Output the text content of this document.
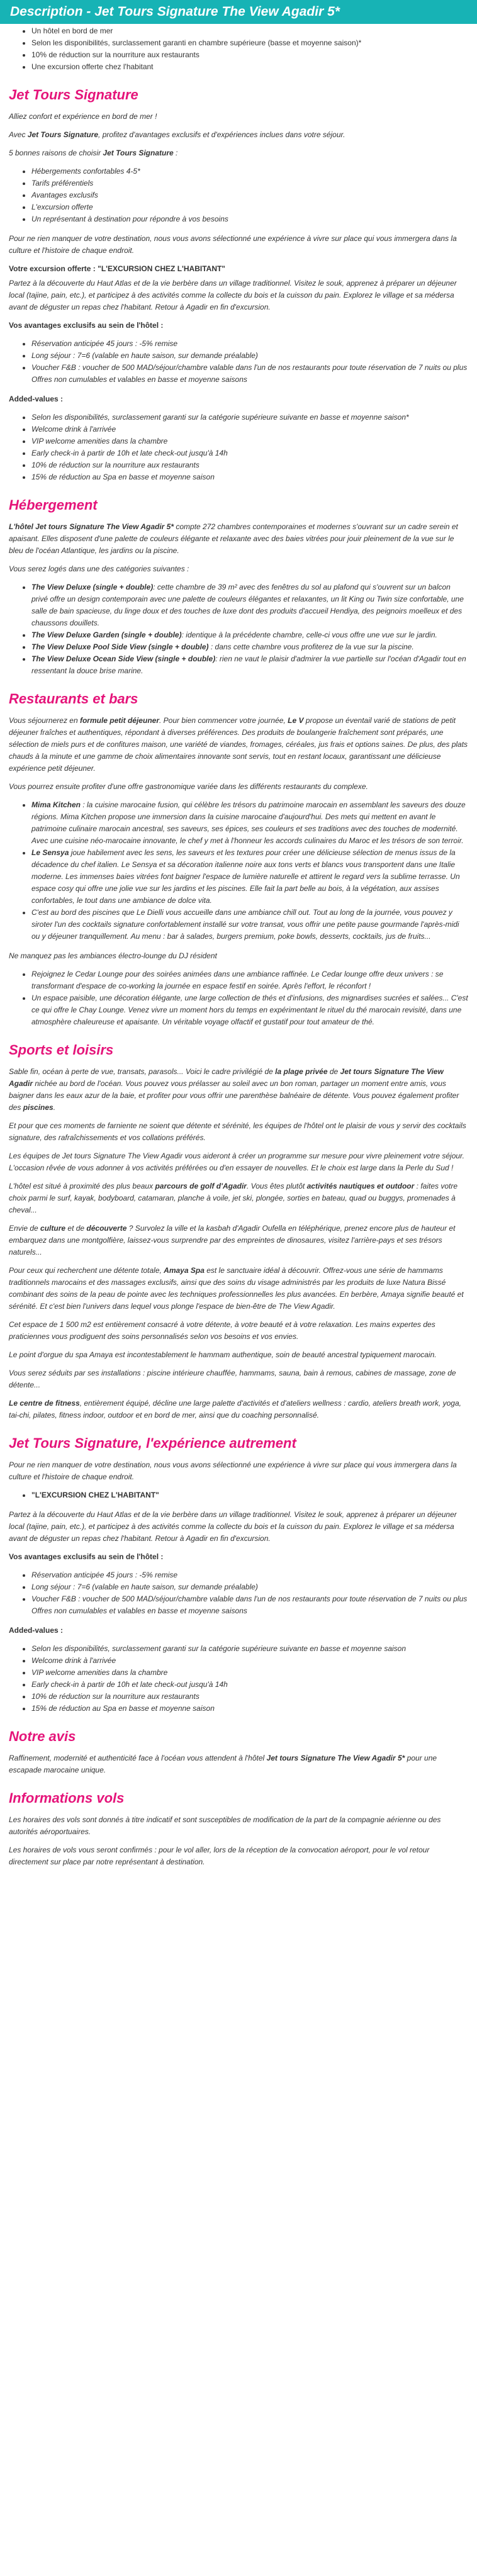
Description - Jet Tours Signature The View Agadir 5*
• Un hôtel en bord de mer
• Selon les disponibilités, surclassement garanti en chambre supérieure (basse et moyenne saison)*
• 10% de réduction sur la nourriture aux restaurants
• Une excursion offerte chez l'habitant
Jet Tours Signature

Alliez confort et expérience en bord de mer !

Avec Jet Tours Signature, profitez d'avantages exclusifs et d'expériences inclues dans votre séjour.

5 bonnes raisons de choisir Jet Tours Signature :

• Hébergements confortables 4-5*
• Tarifs préférentiels
• Avantages exclusifs
• L'excursion offerte
• Un représentant à destination pour répondre à vos besoins

Pour ne rien manquer de votre destination, nous vous avons sélectionné une expérience à vivre sur place qui vous immergera dans la culture et l'histoire de chaque endroit.

Votre excursion offerte : "L'EXCURSION CHEZ L'HABITANT"

Partez à la découverte du Haut Atlas et de la vie berbère dans un village traditionnel. Visitez le souk, apprenez à préparer un déjeuner local (tajine, pain, etc.), et participez à des activités comme la collecte du bois et la cuisson du pain. Explorez le village et sa médersa avant de déguster un repas chez l'habitant. Retour à Agadir en fin d'excursion.

Vos avantages exclusifs au sein de l'hôtel :

• Réservation anticipée 45 jours : -5% remise
• Long séjour : 7=6 (valable en haute saison, sur demande préalable)
• Voucher F&B : voucher de 500 MAD/séjour/chambre valable dans l'un de nos restaurants pour toute réservation de 7 nuits ou plus
Offres non cumulables et valables en basse et moyenne saisons

Added-values :

• Selon les disponibilités, surclassement garanti sur la catégorie supérieure suivante en basse et moyenne saison*
• Welcome drink à l'arrivée
• VIP welcome amenities dans la chambre
• Early check-in à partir de 10h et late check-out jusqu'à 14h
• 10% de réduction sur la nourriture aux restaurants
• 15% de réduction au Spa en basse et moyenne saison
Hébergement

L'hôtel Jet tours Signature The View Agadir 5* compte 272 chambres contemporaines et modernes s'ouvrant sur un cadre serein et apaisant. Elles disposent d'une palette de couleurs élégante et relaxante avec des baies vitrées pour jouir pleinement de la vue sur le bleu de l'océan Atlantique, les jardins ou la piscine.

Vous serez logés dans une des catégories suivantes :

• The View Deluxe (single + double): cette chambre de 39 m² avec des fenêtres du sol au plafond qui s'ouvrent sur un balcon privé offre un design contemporain avec une palette de couleurs élégantes et relaxantes, un lit King ou Twin size confortable, une salle de bain spacieuse, du linge doux et des touches de luxe dont des produits d'accueil Hendiya, des peignoirs moelleux et des chaussons douillets.
• The View Deluxe Garden (single + double): identique à la précédente chambre, celle-ci vous offre une vue sur le jardin.
• The View Deluxe Pool Side View (single + double) : dans cette chambre vous profiterez de la vue sur la piscine.
• The View Deluxe Ocean Side View (single + double): rien ne vaut le plaisir d'admirer la vue partielle sur l'océan d'Agadir tout en ressentant la douce brise marine.
Restaurants et bars

Vous séjournerez en formule petit déjeuner. Pour bien commencer votre journée, Le V propose un éventail varié de stations de petit déjeuner fraîches et authentiques, répondant à diverses préférences. Des produits de boulangerie fraîchement sont préparés, une sélection de miels purs et de confitures maison, une variété de viandes, fromages, céréales, jus frais et options saines. De plus, des plats chauds à la minute et une gamme de choix alimentaires innovante sont servis, tout en restant locaux, garantissant une délicieuse expérience petit déjeuner.

Vous pourrez ensuite profiter d'une offre gastronomique variée dans les différents restaurants du complexe.

• Mima Kitchen : la cuisine marocaine fusion, qui célèbre les trésors du patrimoine marocain en assemblant les saveurs des douze régions. Mima Kitchen propose une immersion dans la cuisine marocaine d'aujourd'hui. Des mets qui mettent en avant le patrimoine culinaire marocain ancestral, ses saveurs, ses épices, ses couleurs et ses traditions avec des touches de modernité. Avec une cuisine néo-marocaine innovante, le chef y met à l'honneur les accords culinaires du Maroc et les trésors de son terroir.
• Le Sensya joue habilement avec les sens, les saveurs et les textures pour créer une délicieuse sélection de menus issus de la décadence du chef italien. Le Sensya et sa décoration italienne noire aux tons verts et blancs vous transportent dans une Italie moderne. Les immenses baies vitrées font baigner l'espace de lumière naturelle et attirent le regard vers la sublime terrasse. Un espace cosy qui offre une jolie vue sur les jardins et les piscines. Elle fait la part belle au bois, à la végétation, aux assises confortables, le tout dans une ambiance de dolce vita.
• C'est au bord des piscines que Le Dielli vous accueille dans une ambiance chill out. Tout au long de la journée, vous pouvez y siroter l'un des cocktails signature confortablement installé sur votre transat, vous offrir une petite pause gourmande l'après-midi ou y déjeuner tranquillement. Au menu : bar à salades, burgers premium, poke bowls, desserts, cocktails, jus de fruits...

Ne manquez pas les ambiances électro-lounge du DJ résident

• Rejoignez le Cedar Lounge pour des soirées animées dans une ambiance raffinée. Le Cedar lounge offre deux univers : se transformant d'espace de co-working la journée en espace festif en soirée. Après l'effort, le réconfort !
• Un espace paisible, une décoration élégante, une large collection de thés et d'infusions, des mignardises sucrées et salées... C'est ce qui offre le Chay Lounge. Venez vivre un moment hors du temps en expérimentant le rituel du thé marocain revisité, dans une atmosphère chaleureuse et apaisante. Un véritable voyage olfactif et gustatif pour tout amateur de thé.
Sports et loisirs

Sable fin, océan à perte de vue, transats, parasols... Voici le cadre privilégié de la plage privée de Jet tours Signature The View Agadir nichée au bord de l'océan. Vous pouvez vous prélasser au soleil avec un bon roman, partager un moment entre amis, vous baigner dans les eaux azur de la baie, et profiter pour vous offrir une parenthèse balnéaire de détente. Vous pouvez également profiter des piscines.

Et pour que ces moments de farniente ne soient que détente et sérénité, les équipes de l'hôtel ont le plaisir de vous y servir des cocktails signature, des rafraîchissements et vos collations préférés.

Les équipes de Jet tours Signature The View Agadir vous aideront à créer un programme sur mesure pour vivre pleinement votre séjour. L'occasion rêvée de vous adonner à vos activités préférées ou d'en essayer de nouvelles. Et le choix est large dans la Perle du Sud !

L'hôtel est situé à proximité des plus beaux parcours de golf d'Agadir. Vous êtes plutôt activités nautiques et outdoor : faites votre choix parmi le surf, kayak, bodyboard, catamaran, planche à voile, jet ski, plongée, sorties en bateau, quad ou buggys, promenades à cheval...

Envie de culture et de découverte ? Survolez la ville et la kasbah d'Agadir Oufella en téléphérique, prenez encore plus de hauteur et embarquez dans une montgolfière, laissez-vous surprendre par des empreintes de dinosaures, visitez l'arrière-pays et ses trésors naturels...

Pour ceux qui recherchent une détente totale, Amaya Spa est le sanctuaire idéal à découvrir. Offrez-vous une série de hammams traditionnels marocains et des massages exclusifs, ainsi que des soins du visage administrés par les produits de luxe Natura Bissé combinant des soins de la peau de pointe avec les techniques professionnelles les plus avancées. En berbère, Amaya signifie beauté et sérénité. Et c'est bien l'univers dans lequel vous plonge l'espace de bien-être de The View Agadir.

Cet espace de 1 500 m2 est entièrement consacré à votre détente, à votre beauté et à votre relaxation. Les mains expertes des praticiennes vous prodiguent des soins personnalisés selon vos besoins et vos envies.

Le point d'orgue du spa Amaya est incontestablement le hammam authentique, soin de beauté ancestral typiquement marocain.

Vous serez séduits par ses installations : piscine intérieure chauffée, hammams, sauna, bain à remous, cabines de massage, zone de détente...

Le centre de fitness, entièrement équipé, décline une large palette d'activités et d'ateliers wellness : cardio, ateliers breath work, yoga, tai-chi, pilates, fitness indoor, outdoor et en bord de mer, ainsi que du coaching personnalisé.

Jet Tours Signature, l'expérience autrement

Pour ne rien manquer de votre destination, nous vous avons sélectionné une expérience à vivre sur place qui vous immergera dans la culture et l'histoire de chaque endroit.

• "L'EXCURSION CHEZ L'HABITANT"

Partez à la découverte du Haut Atlas et de la vie berbère dans un village traditionnel. Visitez le souk, apprenez à préparer un déjeuner local (tajine, pain, etc.), et participez à des activités comme la collecte du bois et la cuisson du pain. Explorez le village et sa médersa avant de déguster un repas chez l'habitant. Retour à Agadir en fin d'excursion.

Vos avantages exclusifs au sein de l'hôtel :

• Réservation anticipée 45 jours : -5% remise
• Long séjour : 7=6 (valable en haute saison, sur demande préalable)
• Voucher F&B : voucher de 500 MAD/séjour/chambre valable dans l'un de nos restaurants pour toute réservation de 7 nuits ou plus
Offres non cumulables et valables en basse et moyenne saisons

Added-values :

• Selon les disponibilités, surclassement garanti sur la catégorie supérieure suivante en basse et moyenne saison
• Welcome drink à l'arrivée
• VIP welcome amenities dans la chambre
• Early check-in à partir de 10h et late check-out jusqu'à 14h
• 10% de réduction sur la nourriture aux restaurants
• 15% de réduction au Spa en basse et moyenne saison
Notre avis

Raffinement, modernité et authenticité face à l'océan vous attendent à l'hôtel Jet tours Signature The View Agadir 5* pour une escapade marocaine unique.

Informations vols

Les horaires des vols sont donnés à titre indicatif et sont susceptibles de modification de la part de la compagnie aérienne ou des autorités aéroportuaires.

Les horaires de vols vous seront confirmés : pour le vol aller, lors de la réception de la convocation aéroport, pour le vol retour directement sur place par notre représentant à destination.
